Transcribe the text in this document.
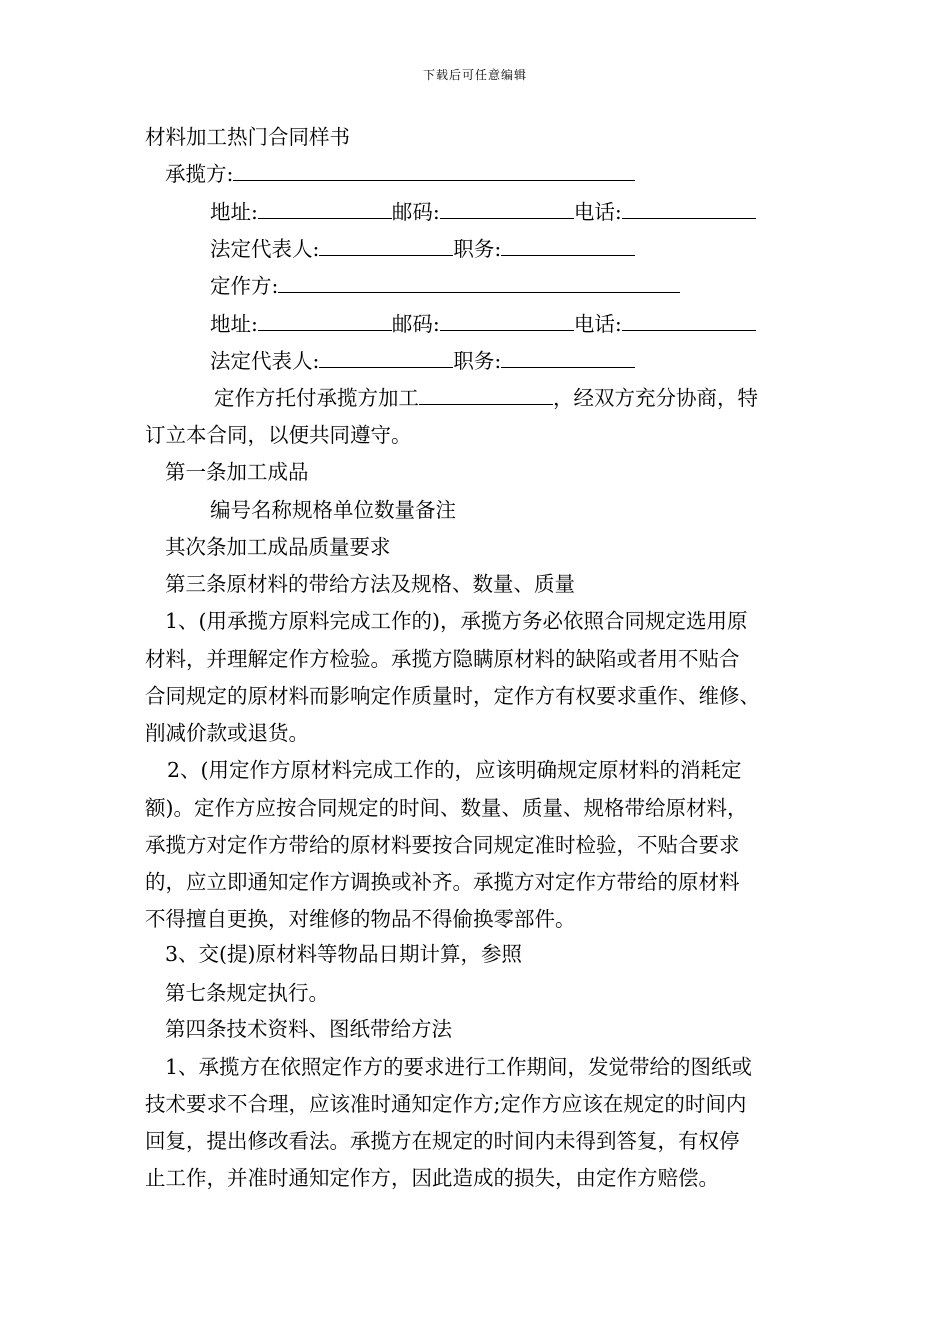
下载后可任意编辑
材料加工热门合同样书
承揽方:
地址:	邮码:	电话:
法定代表人:	职务:
定作方:
地址:	邮码:	电话:
法定代表人:	职务:
定作方托付承揽方加工	，经双方充分协商，特
订立本合同，以便共同遵守。
第一条加工成品
编号名称规格单位数量备注
其次条加工成品质量要求
第三条原材料的带给方法及规格、数量、质量
1、(用承揽方原料完成工作的)，承揽方务必依照合同规定选用原
材料，并理解定作方检验。承揽方隐瞒原材料的缺陷或者用不贴合
合同规定的原材料而影响定作质量时，定作方有权要求重作、维修、
削减价款或退货。
2、(用定作方原材料完成工作的，应该明确规定原材料的消耗定
额)。定作方应按合同规定的时间、数量、质量、规格带给原材料，
承揽方对定作方带给的原材料要按合同规定准时检验，不贴合要求
的，应立即通知定作方调换或补齐。承揽方对定作方带给的原材料
不得擅自更换，对维修的物品不得偷换零部件。
3、交(提)原材料等物品日期计算，参照
第七条规定执行。
第四条技术资料、图纸带给方法
1、承揽方在依照定作方的要求进行工作期间，发觉带给的图纸或
技术要求不合理，应该准时通知定作方;定作方应该在规定的时间内
回复，提出修改看法。承揽方在规定的时间内未得到答复，有权停
止工作，并准时通知定作方，因此造成的损失，由定作方赔偿。
